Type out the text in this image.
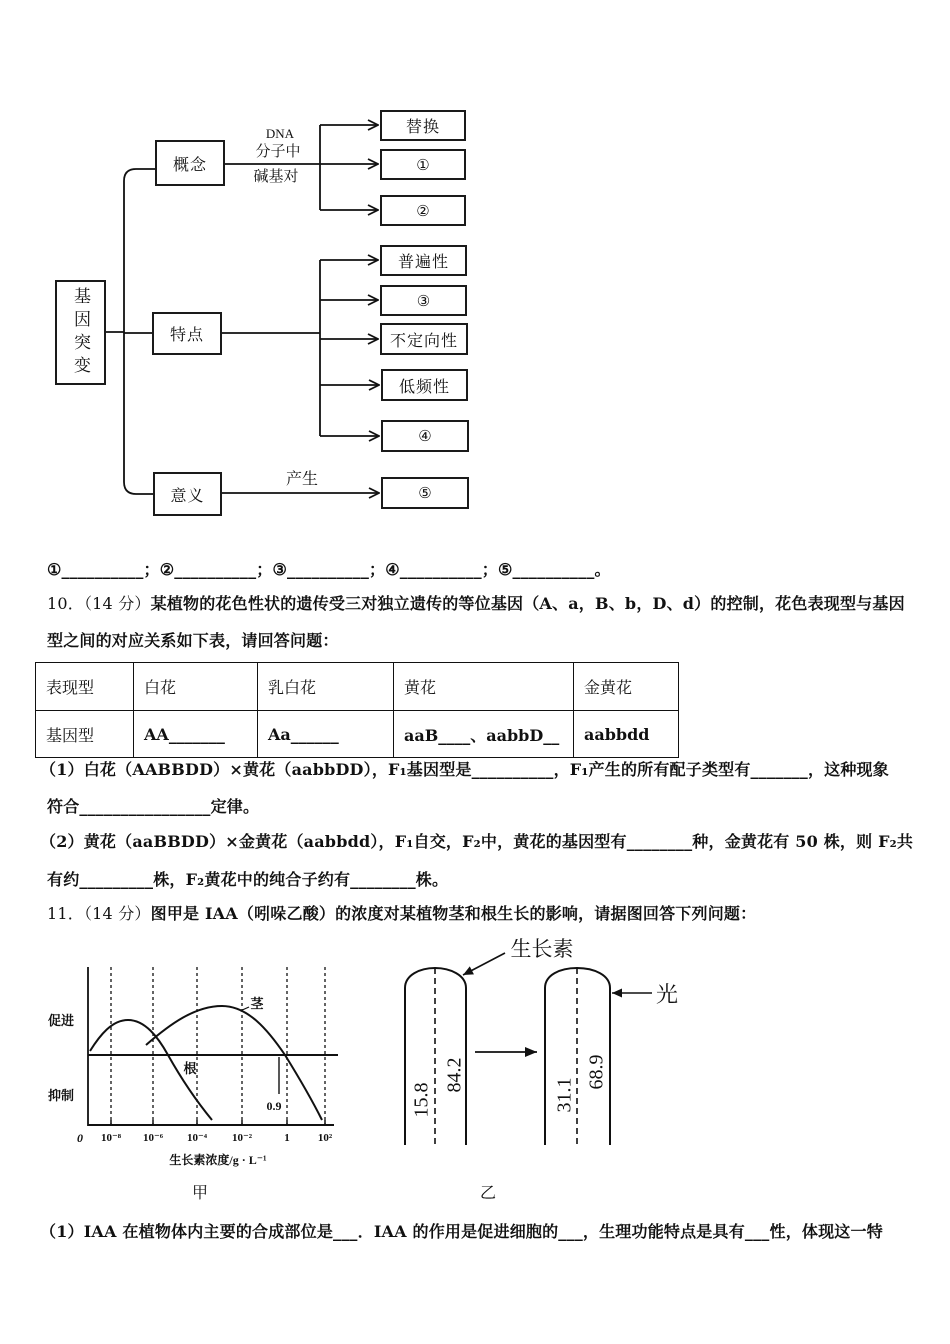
基因突变
概念
特点
意义
DNA
分子中
碱基对
替换
①
②
普遍性
③
不定向性
低频性
④
产生
⑤
①__________；②__________；③__________；④__________；⑤__________。
10．（14 分）某植物的花色性状的遗传受三对独立遗传的等位基因（A、a，B、b，D、d）的控制，花色表现型与基因
型之间的对应关系如下表，请回答问题：
表现型	白花	乳白花	黄花	金黄花
基因型	AA_______	Aa______	aaB____、aabbD__	aabbdd
（1）白花（AABBDD）×黄花（aabbDD），F₁基因型是__________，F₁产生的所有配子类型有_______，这种现象
符合________________定律。
（2）黄花（aaBBDD）×金黄花（aabbdd），F₁自交，F₂中，黄花的基因型有________种，金黄花有 50 株，则 F₂共
有约_________株，F₂黄花中的纯合子约有________株。
11．（14 分）图甲是 IAA（吲哚乙酸）的浓度对某植物茎和根生长的影响，请据图回答下列问题：
促进
抑制
茎
根
0.9
0 10⁻⁸ 10⁻⁶ 10⁻⁴ 10⁻²	1	10²
生长素浓度/g · L⁻¹
甲
生长素
光
15.8
84.2
31.1
68.9
乙
（1）IAA 在植物体内主要的合成部位是___．IAA 的作用是促进细胞的___，生理功能特点是具有___性，体现这一特
